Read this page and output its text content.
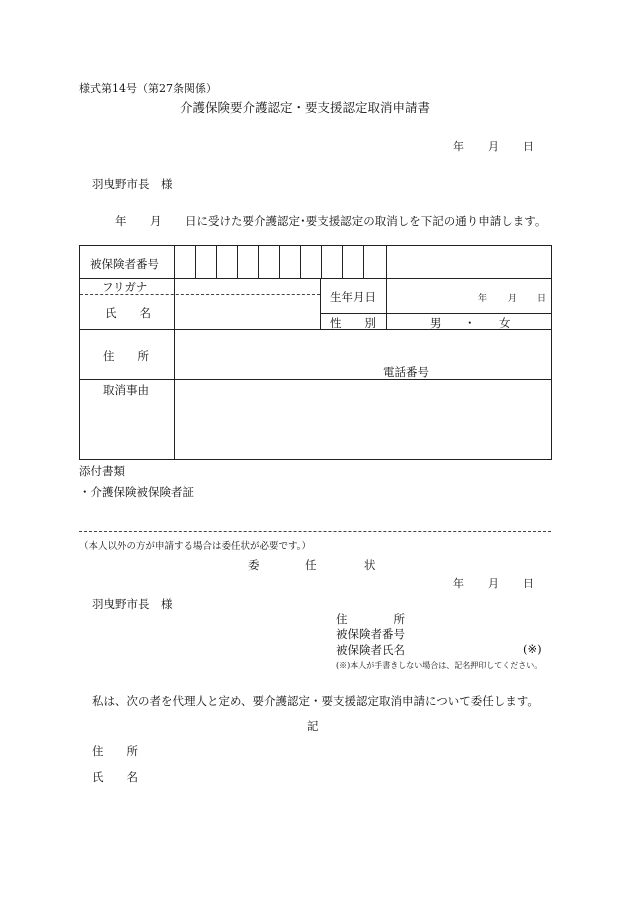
様式第14号（第27条関係）
介護保険要介護認定・要支援認定取消申請書
年 月 日
羽曳野市長　様
年 月 日に受けた要介護認定･要支援認定の取消しを下記の通り申請します。
被保険者番号
フリガナ
氏　　名
生年月日	年 月 日
性　　別	男 ・ 女
住　　所
電話番号
取消事由
添付書類
・介護保険被保険者証
（本人以外の方が申請する場合は委任状が必要です。）
委	任	状
年 月 日
羽曳野市長　様
住　　　　所
被保険者番号
被保険者氏名	(※)
(※)本人が手書きしない場合は、記名押印してください。
私は、次の者を代理人と定め、要介護認定・要支援認定取消申請について委任します。
記
住　　所
氏　　名
